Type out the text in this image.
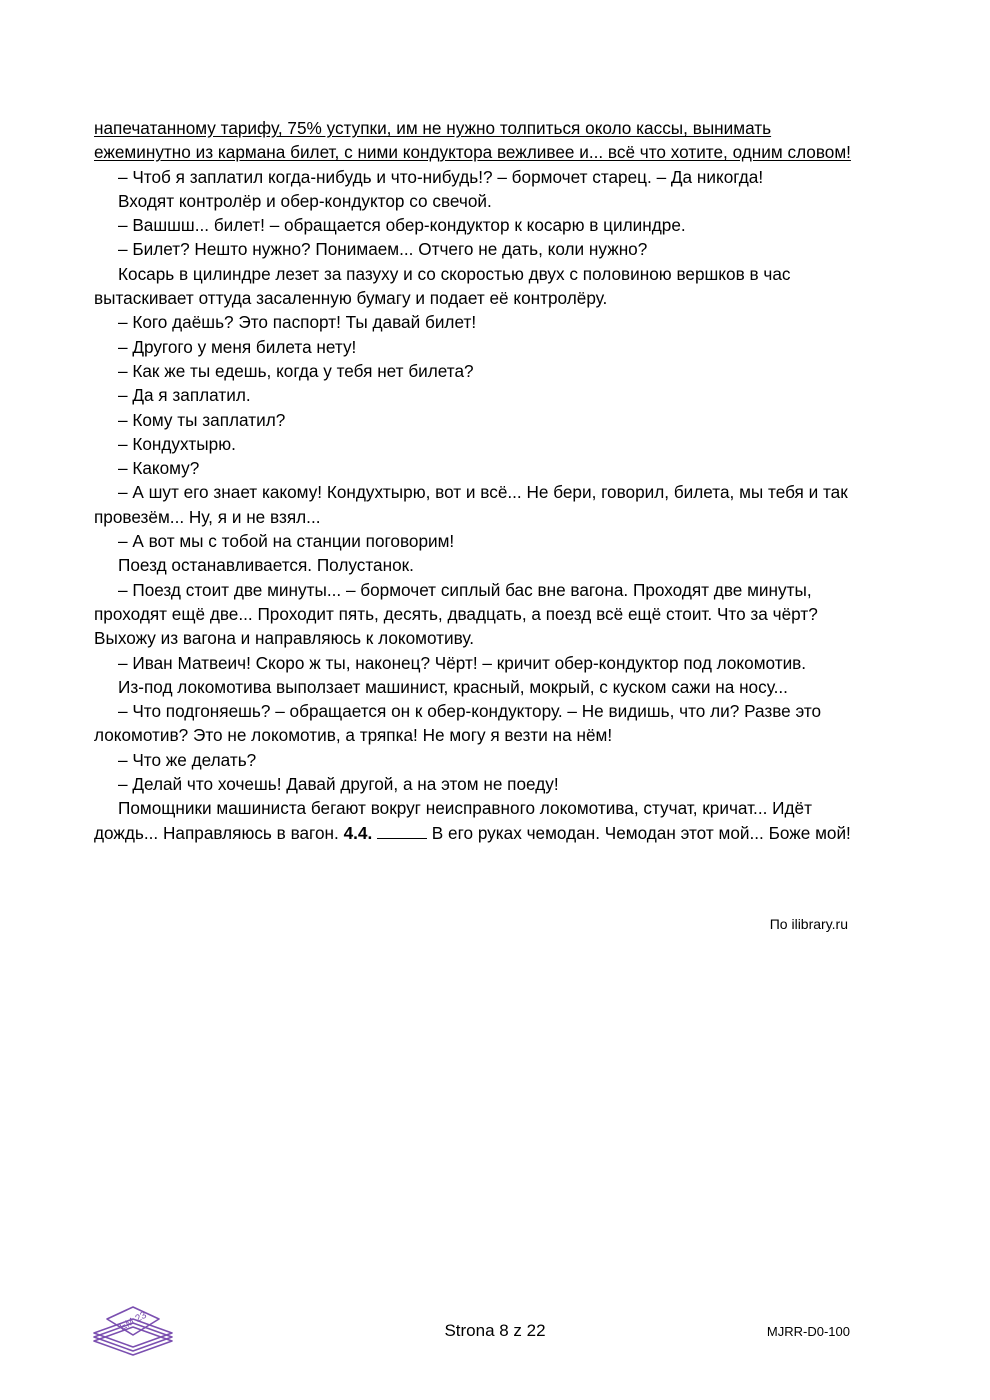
напечатанному тарифу, 75% уступки, им не нужно толпиться около кассы, вынимать ежеминутно из кармана билет, с ними кондуктора вежливее и... всё что хотите, одним словом!

– Чтоб я заплатил когда-нибудь и что-нибудь!? – бормочет старец. – Да никогда!

Входят контролёр и обер-кондуктор со свечой.

– Вашшш... билет! – обращается обер-кондуктор к косарю в цилиндре.

– Билет? Нешто нужно? Понимаем... Отчего не дать, коли нужно?

Косарь в цилиндре лезет за пазуху и со скоростью двух с половиною вершков в час вытаскивает оттуда засаленную бумагу и подает её контролёру.

– Кого даёшь? Это паспорт! Ты давай билет!

– Другого у меня билета нету!

– Как же ты едешь, когда у тебя нет билета?

– Да я заплатил.

– Кому ты заплатил?

– Кондухтырю.

– Какому?

– А шут его знает какому! Кондухтырю, вот и всё... Не бери, говорил, билета, мы тебя и так провезём... Ну, я и не взял...

– А вот мы с тобой на станции поговорим!

Поезд останавливается. Полустанок.

– Поезд стоит две минуты... – бормочет сиплый бас вне вагона. Проходят две минуты, проходят ещё две... Проходит пять, десять, двадцать, а поезд всё ещё стоит. Что за чёрт? Выхожу из вагона и направляюсь к локомотиву.

– Иван Матвеич! Скоро ж ты, наконец? Чёрт! – кричит обер-кондуктор под локомотив.

Из-под локомотива выползает машинист, красный, мокрый, с куском сажи на носу...

– Что подгоняешь? – обращается он к обер-кондуктору. – Не видишь, что ли? Разве это локомотив? Это не локомотив, а тряпка! Не могу я везти на нём!

– Что же делать?

– Делай что хочешь! Давай другой, а на этом не поеду!

Помощники машиниста бегают вокруг неисправного локомотива, стучат, кричат... Идёт дождь... Направляюсь в вагон. 4.4.	В его руках чемодан. Чемодан этот мой... Боже мой!

По ilibrary.ru
EM 23	Strona 8 z 22	MJRR-D0-100
